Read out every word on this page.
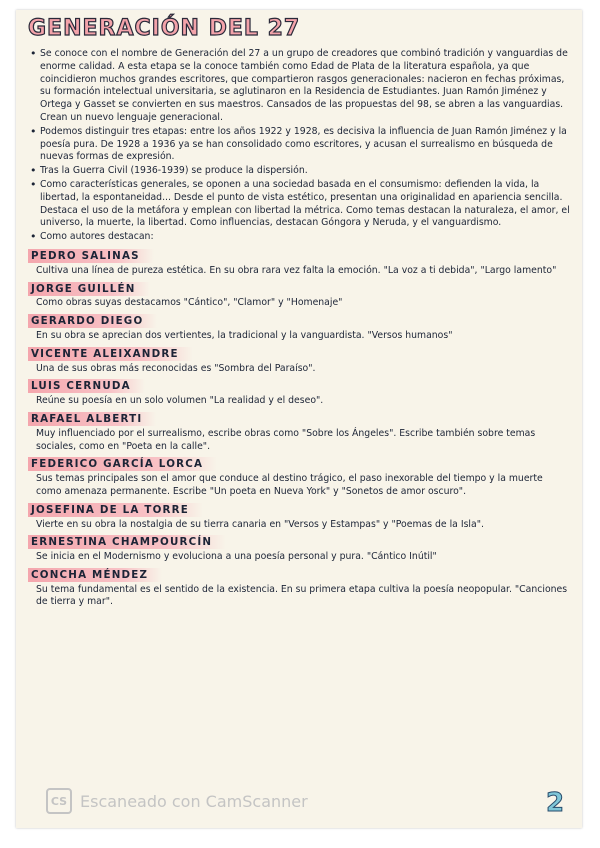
GENERACIÓN DEL 27

• Se conoce con el nombre de Generación del 27 a un grupo de creadores que combinó tradición y vanguardias de enorme calidad. A esta etapa se la conoce también como Edad de Plata de la literatura española, ya que coincidieron muchos grandes escritores, que compartieron rasgos generacionales: nacieron en fechas próximas, su formación intelectual universitaria, se aglutinaron en la Residencia de Estudiantes. Juan Ramón Jiménez y Ortega y Gasset se convierten en sus maestros. Cansados de las propuestas del 98, se abren a las vanguardias. Crean un nuevo lenguaje generacional.

• Podemos distinguir tres etapas: entre los años 1922 y 1928, es decisiva la influencia de Juan Ramón Jiménez y la poesía pura. De 1928 a 1936 ya se han consolidado como escritores, y acusan el surrealismo en búsqueda de nuevas formas de expresión.

• Tras la Guerra Civil (1936-1939) se produce la dispersión.

• Como características generales, se oponen a una sociedad basada en el consumismo: defienden la vida, la libertad, la espontaneidad... Desde el punto de vista estético, presentan una originalidad en apariencia sencilla. Destaca el uso de la metáfora y emplean con libertad la métrica. Como temas destacan la naturaleza, el amor, el universo, la muerte, la libertad. Como influencias, destacan Góngora y Neruda, y el vanguardismo.

• Como autores destacan:

PEDRO SALINAS

Cultiva una línea de pureza estética. En su obra rara vez falta la emoción. "La voz a ti debida", "Largo lamento"

JORGE GUILLÉN

Como obras suyas destacamos "Cántico", "Clamor" y "Homenaje"

GERARDO DIEGO

En su obra se aprecian dos vertientes, la tradicional y la vanguardista. "Versos humanos"

VICENTE ALEIXANDRE

Una de sus obras más reconocidas es "Sombra del Paraíso".

LUIS CERNUDA

Reúne su poesía en un solo volumen "La realidad y el deseo".

RAFAEL ALBERTI

Muy influenciado por el surrealismo, escribe obras como "Sobre los Ángeles". Escribe también sobre temas sociales, como en "Poeta en la calle".

FEDERICO GARCÍA LORCA

Sus temas principales son el amor que conduce al destino trágico, el paso inexorable del tiempo y la muerte como amenaza permanente. Escribe "Un poeta en Nueva York" y "Sonetos de amor oscuro".

JOSEFINA DE LA TORRE

Vierte en su obra la nostalgia de su tierra canaria en "Versos y Estampas" y "Poemas de la Isla".

ERNESTINA CHAMPOURCÍN

Se inicia en el Modernismo y evoluciona a una poesía personal y pura. "Cántico Inútil"

CONCHA MÉNDEZ

Su tema fundamental es el sentido de la existencia. En su primera etapa cultiva la poesía neopopular. "Canciones de tierra y mar".

CS Escaneado con CamScanner	2
